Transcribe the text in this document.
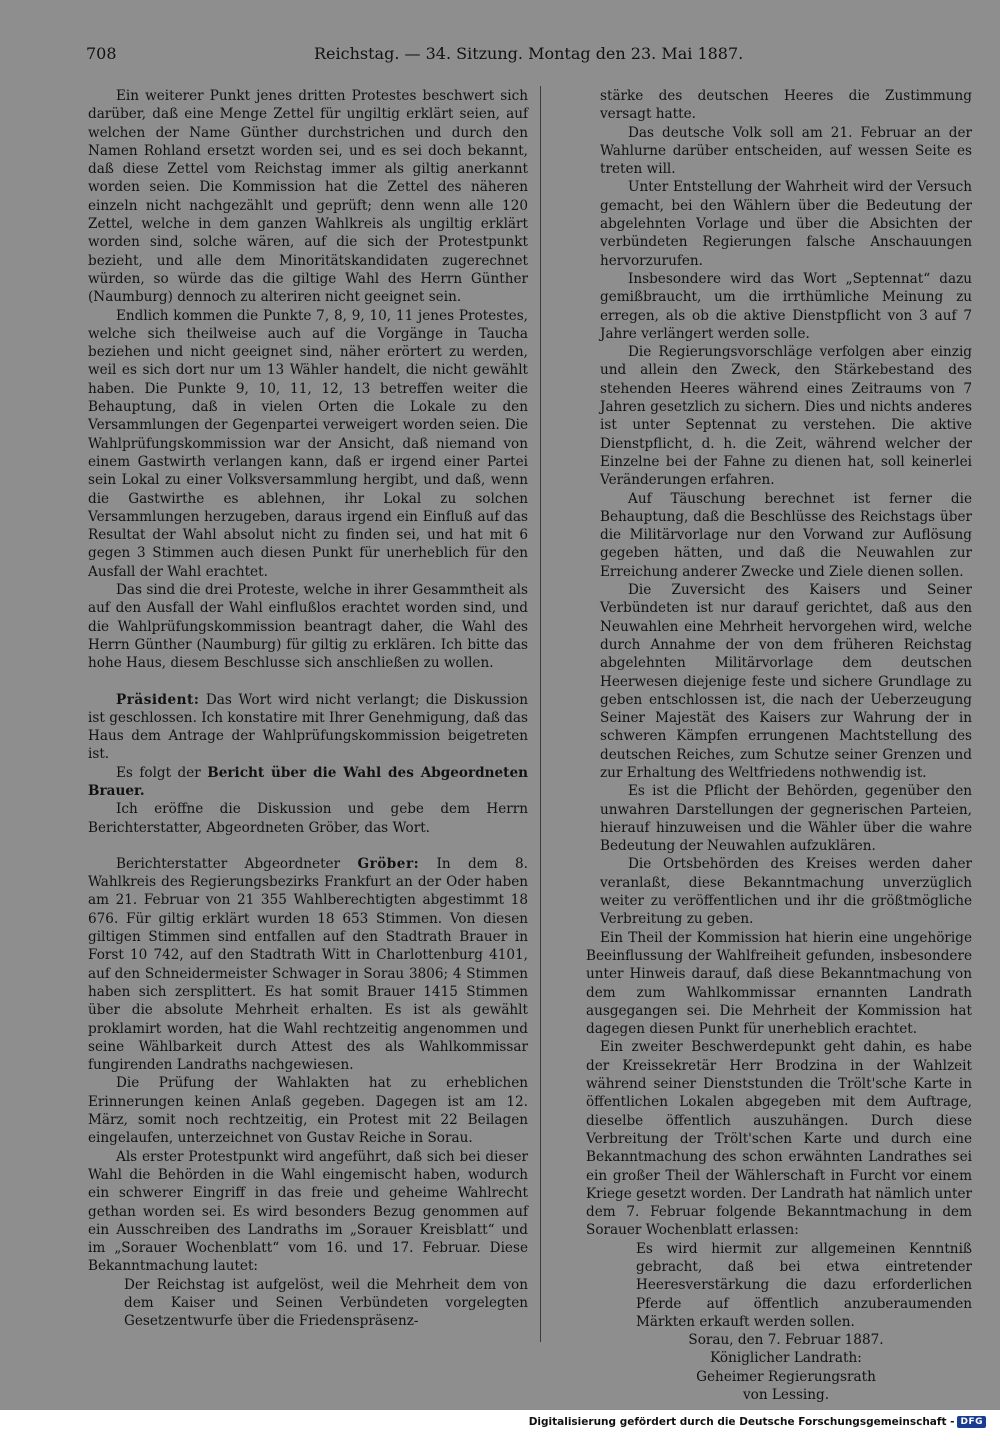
708	Reichstag. — 34. Sitzung. Montag den 23. Mai 1887.

Ein weiterer Punkt jenes dritten Protestes beschwert sich darüber, daß eine Menge Zettel für ungiltig erklärt seien, auf welchen der Name Günther durchstrichen und durch den Namen Rohland ersetzt worden sei, und es sei doch bekannt, daß diese Zettel vom Reichstag immer als giltig anerkannt worden seien. Die Kommission hat die Zettel des näheren einzeln nicht nachgezählt und geprüft; denn wenn alle 120 Zettel, welche in dem ganzen Wahlkreis als ungiltig erklärt worden sind, solche wären, auf die sich der Protestpunkt bezieht, und alle dem Minoritätskandidaten zugerechnet würden, so würde das die giltige Wahl des Herrn Günther (Naumburg) dennoch zu alteriren nicht geeignet sein.

Endlich kommen die Punkte 7, 8, 9, 10, 11 jenes Protestes, welche sich theilweise auch auf die Vorgänge in Taucha beziehen und nicht geeignet sind, näher erörtert zu werden, weil es sich dort nur um 13 Wähler handelt, die nicht gewählt haben. Die Punkte 9, 10, 11, 12, 13 betreffen weiter die Behauptung, daß in vielen Orten die Lokale zu den Versammlungen der Gegenpartei verweigert worden seien. Die Wahlprüfungskommission war der Ansicht, daß niemand von einem Gastwirth verlangen kann, daß er irgend einer Partei sein Lokal zu einer Volksversammlung hergibt, und daß, wenn die Gastwirthe es ablehnen, ihr Lokal zu solchen Versammlungen herzugeben, daraus irgend ein Einfluß auf das Resultat der Wahl absolut nicht zu finden sei, und hat mit 6 gegen 3 Stimmen auch diesen Punkt für unerheblich für den Ausfall der Wahl erachtet.

Das sind die drei Proteste, welche in ihrer Gesammtheit als auf den Ausfall der Wahl einflußlos erachtet worden sind, und die Wahlprüfungskommission beantragt daher, die Wahl des Herrn Günther (Naumburg) für giltig zu erklären. Ich bitte das hohe Haus, diesem Beschlusse sich anschließen zu wollen.

Präsident: Das Wort wird nicht verlangt; die Diskussion ist geschlossen. Ich konstatire mit Ihrer Genehmigung, daß das Haus dem Antrage der Wahlprüfungskommission beigetreten ist.

Es folgt der Bericht über die Wahl des Abgeordneten Brauer.

Ich eröffne die Diskussion und gebe dem Herrn Berichterstatter, Abgeordneten Gröber, das Wort.

Berichterstatter Abgeordneter Gröber: In dem 8. Wahlkreis des Regierungsbezirks Frankfurt an der Oder haben am 21. Februar von 21 355 Wahlberechtigten abgestimmt 18 676. Für giltig erklärt wurden 18 653 Stimmen. Von diesen giltigen Stimmen sind entfallen auf den Stadtrath Brauer in Forst 10 742, auf den Stadtrath Witt in Charlottenburg 4101, auf den Schneidermeister Schwager in Sorau 3806; 4 Stimmen haben sich zersplittert. Es hat somit Brauer 1415 Stimmen über die absolute Mehrheit erhalten. Es ist als gewählt proklamirt worden, hat die Wahl rechtzeitig angenommen und seine Wählbarkeit durch Attest des als Wahlkommissar fungirenden Landraths nachgewiesen.

Die Prüfung der Wahlakten hat zu erheblichen Erinnerungen keinen Anlaß gegeben. Dagegen ist am 12. März, somit noch rechtzeitig, ein Protest mit 22 Beilagen eingelaufen, unterzeichnet von Gustav Reiche in Sorau.

Als erster Protestpunkt wird angeführt, daß sich bei dieser Wahl die Behörden in die Wahl eingemischt haben, wodurch ein schwerer Eingriff in das freie und geheime Wahlrecht gethan worden sei. Es wird besonders Bezug genommen auf ein Ausschreiben des Landraths im „Sorauer Kreisblatt“ und im „Sorauer Wochenblatt“ vom 16. und 17. Februar. Diese Bekanntmachung lautet:

Der Reichstag ist aufgelöst, weil die Mehrheit dem von dem Kaiser und Seinen Verbündeten vorgelegten Gesetzentwurfe über die Friedenspräsenz-

stärke des deutschen Heeres die Zustimmung versagt hatte.

Das deutsche Volk soll am 21. Februar an der Wahlurne darüber entscheiden, auf wessen Seite es treten will.

Unter Entstellung der Wahrheit wird der Versuch gemacht, bei den Wählern über die Bedeutung der abgelehnten Vorlage und über die Absichten der verbündeten Regierungen falsche Anschauungen hervorzurufen.

Insbesondere wird das Wort „Septennat“ dazu gemißbraucht, um die irrthümliche Meinung zu erregen, als ob die aktive Dienstpflicht von 3 auf 7 Jahre verlängert werden solle.

Die Regierungsvorschläge verfolgen aber einzig und allein den Zweck, den Stärkebestand des stehenden Heeres während eines Zeitraums von 7 Jahren gesetzlich zu sichern. Dies und nichts anderes ist unter Septennat zu verstehen. Die aktive Dienstpflicht, d. h. die Zeit, während welcher der Einzelne bei der Fahne zu dienen hat, soll keinerlei Veränderungen erfahren.

Auf Täuschung berechnet ist ferner die Behauptung, daß die Beschlüsse des Reichstags über die Militärvorlage nur den Vorwand zur Auflösung gegeben hätten, und daß die Neuwahlen zur Erreichung anderer Zwecke und Ziele dienen sollen.

Die Zuversicht des Kaisers und Seiner Verbündeten ist nur darauf gerichtet, daß aus den Neuwahlen eine Mehrheit hervorgehen wird, welche durch Annahme der von dem früheren Reichstag abgelehnten Militärvorlage dem deutschen Heerwesen diejenige feste und sichere Grundlage zu geben entschlossen ist, die nach der Ueberzeugung Seiner Majestät des Kaisers zur Wahrung der in schweren Kämpfen errungenen Machtstellung des deutschen Reiches, zum Schutze seiner Grenzen und zur Erhaltung des Weltfriedens nothwendig ist.

Es ist die Pflicht der Behörden, gegenüber den unwahren Darstellungen der gegnerischen Parteien, hierauf hinzuweisen und die Wähler über die wahre Bedeutung der Neuwahlen aufzuklären.

Die Ortsbehörden des Kreises werden daher veranlaßt, diese Bekanntmachung unverzüglich weiter zu veröffentlichen und ihr die größtmögliche Verbreitung zu geben.

Ein Theil der Kommission hat hierin eine ungehörige Beeinflussung der Wahlfreiheit gefunden, insbesondere unter Hinweis darauf, daß diese Bekanntmachung von dem zum Wahlkommissar ernannten Landrath ausgegangen sei. Die Mehrheit der Kommission hat dagegen diesen Punkt für unerheblich erachtet.

Ein zweiter Beschwerdepunkt geht dahin, es habe der Kreissekretär Herr Brodzina in der Wahlzeit während seiner Dienststunden die Trölt'sche Karte in öffentlichen Lokalen abgegeben mit dem Auftrage, dieselbe öffentlich auszuhängen. Durch diese Verbreitung der Trölt'schen Karte und durch eine Bekanntmachung des schon erwähnten Landrathes sei ein großer Theil der Wählerschaft in Furcht vor einem Kriege gesetzt worden. Der Landrath hat nämlich unter dem 7. Februar folgende Bekanntmachung in dem Sorauer Wochenblatt erlassen:

Es wird hiermit zur allgemeinen Kenntniß gebracht, daß bei etwa eintretender Heeresverstärkung die dazu erforderlichen Pferde auf öffentlich anzuberaumenden Märkten erkauft werden sollen.

Sorau, den 7. Februar 1887.

Königlicher Landrath:

Geheimer Regierungsrath

von Lessing.

Digitalisierung gefördert durch die Deutsche Forschungsgemeinschaft - DFG
